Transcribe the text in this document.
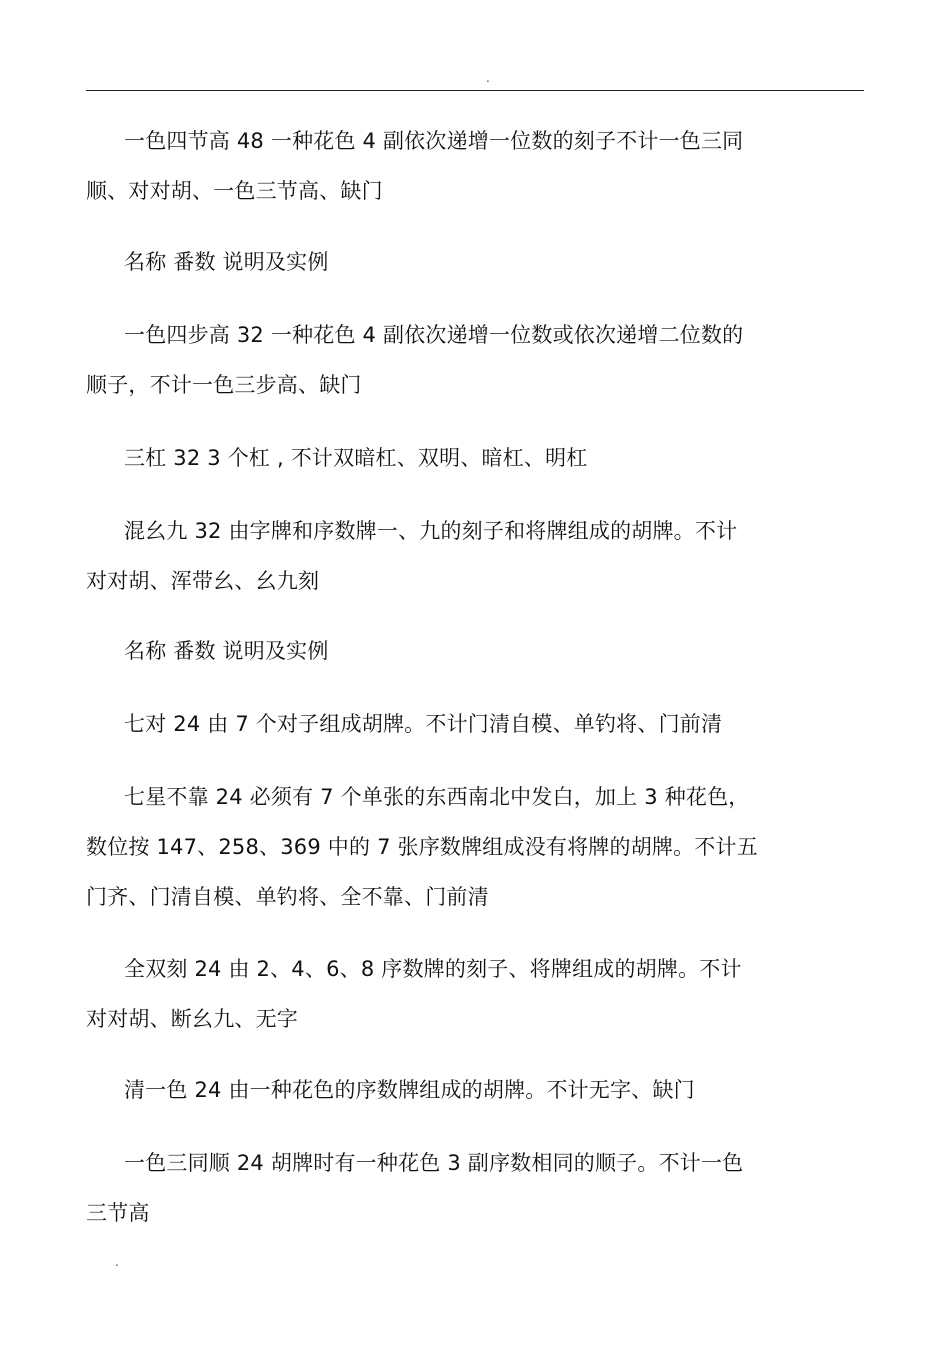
.
一色四节高 48 一种花色 4 副依次递增一位数的刻子不计一色三同
顺、对对胡、一色三节高、缺门
名称 番数 说明及实例
一色四步高 32 一种花色 4 副依次递增一位数或依次递增二位数的
顺子，不计一色三步高、缺门
三杠 32 3 个杠 , 不计双暗杠、双明、暗杠、明杠
混幺九 32 由字牌和序数牌一、九的刻子和将牌组成的胡牌。不计
对对胡、浑带幺、幺九刻
名称 番数 说明及实例
七对 24 由 7 个对子组成胡牌。不计门清自模、单钓将、门前清
七星不靠 24 必须有 7 个单张的东西南北中发白，加上 3 种花色，
数位按 147、258、369 中的 7 张序数牌组成没有将牌的胡牌。不计五
门齐、门清自模、单钓将、全不靠、门前清
全双刻 24 由 2、4、6、8 序数牌的刻子、将牌组成的胡牌。不计
对对胡、断幺九、无字
清一色 24 由一种花色的序数牌组成的胡牌。不计无字、缺门
一色三同顺 24 胡牌时有一种花色 3 副序数相同的顺子。不计一色
三节高
.
